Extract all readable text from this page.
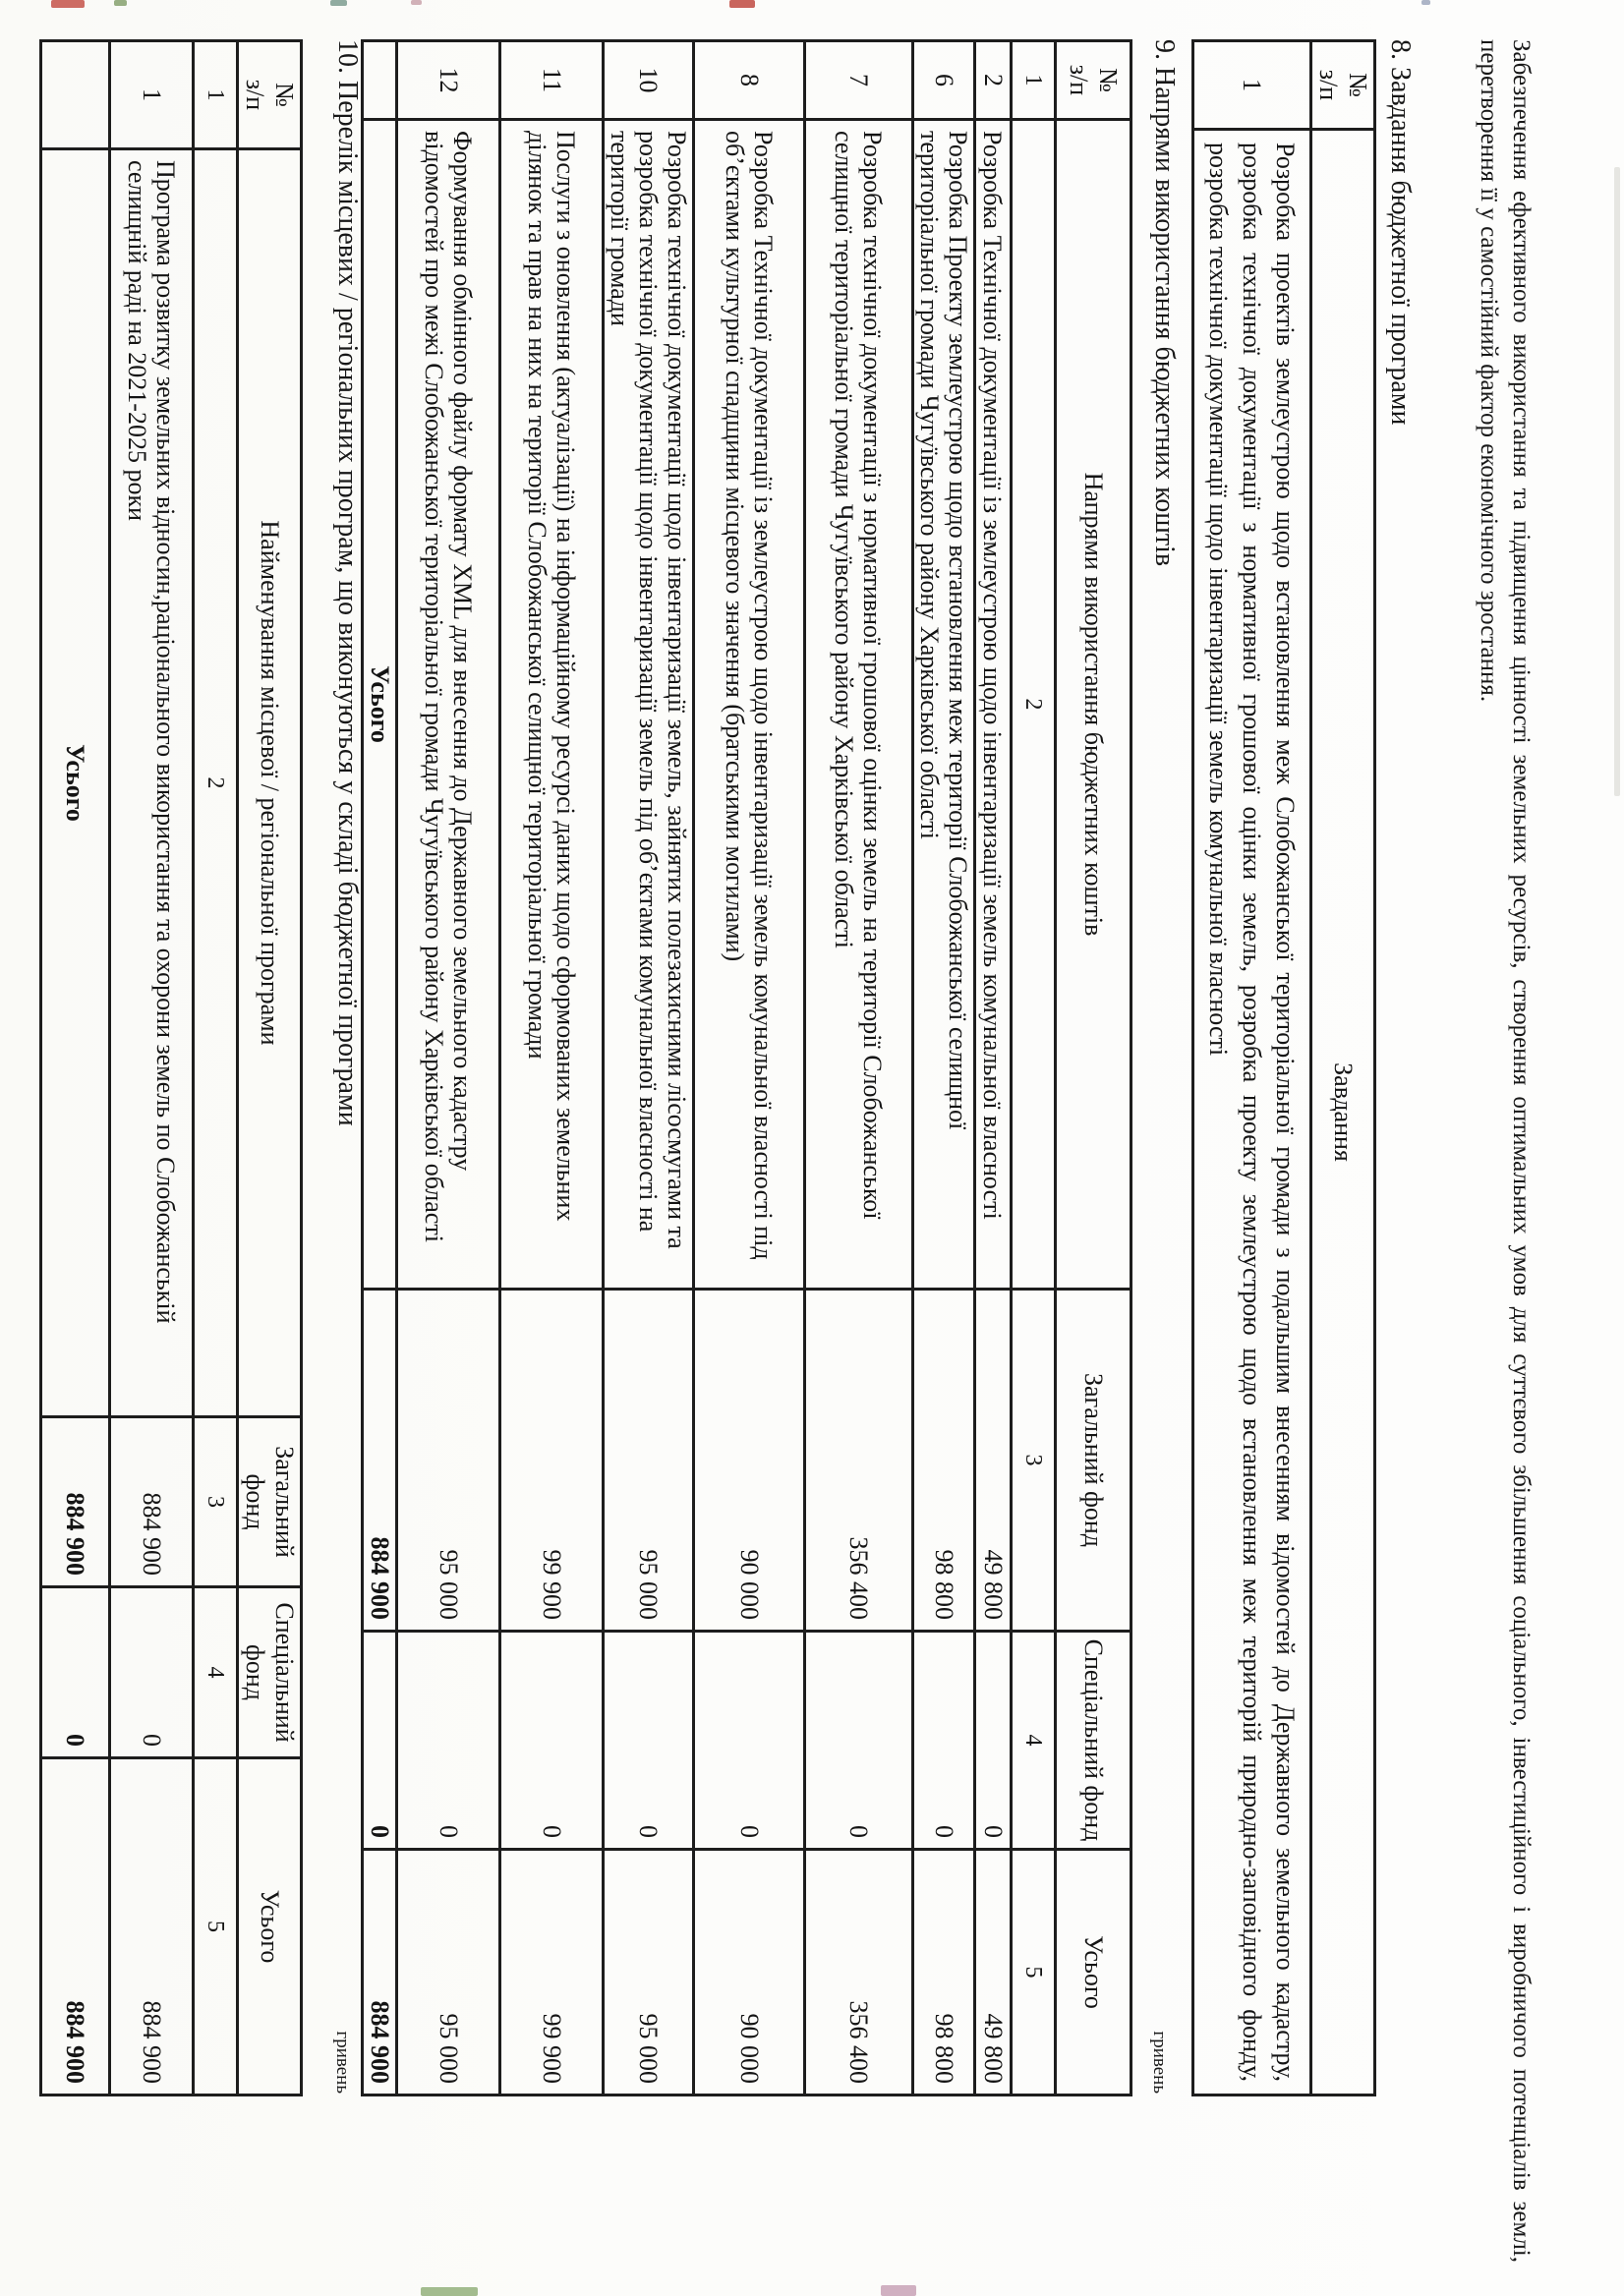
Забезпечення ефективного використання та підвищення цінності земельних ресурсів, створення оптимальних умов для суттєвого збільшення соціального, інвестиційного і виробничого потенціалів землі, перетворення її у самостійний фактор економічного зростання.
8. Завдання бюджетної програми
№
з/п	Завдання
1	Розробка проектів землеустрою щодо встановлення меж Слобожанської територіальної громади з подальшим внесенням відомостей до Державного земельного кадастру, розробка технічної документації з нормативної грошової оцінки земель, розробка проекту землеустрою щодо встановлення меж територій природно-заповідного фонду, розробка технічної документації щодо інвентаризації земель комунальної власності
9. Напрями використання бюджетних коштів
гривень
№
з/п	Напрями використання бюджетних коштів	Загальний фонд	Спеціальний фонд	Усього
1	2	3	4	5
2	Розробка Технічної документації із землеустрою щодо інвентаризації земель комунальної власності	49 800	0	49 800
6	Розробка Проекту землеустрою щодо встановлення меж території Слобожанської селищної територіальної громади Чугуївського району Харківської області	98 800	0	98 800
7	Розробка технічної документації з нормативної грошової оцінки земель на території Слобожанської селищної територіальної громади Чугуївського району Харківської області	356 400	0	356 400
8	Розробка Технічної документації із землеустрою щодо інвентаризації земель комунальної власності під об’єктами культурної спадщини місцевого значення (братськими могилами)	90 000	0	90 000
10	Розробка технічної документації щодо інвентаризації земель, зайнятих полезахисними лісосмугами та розробка технічної документації щодо інвентаризації земель під об’єктами комунальної власності на території громади	95 000	0	95 000
11	Послуги з оновлення (актуалізації) на інформаційному ресурсі даних щодо сформованих земельних ділянок та прав на них на території Слобожанської селищної територіальної громади	99 900	0	99 900
12	Формування обмінного файлу формату XML для внесення до Державного земельного кадастру відомостей про межі Слобожанської територіальної громади Чугуївського району Харківської області	95 000	0	95 000
	Усього	884 900	0	884 900
10. Перелік місцевих / регіональних програм, що виконуються у складі бюджетної програми
гривень
№
з/п	Найменування місцевої / регіональної програми	Загальний фонд	Спеціальний фонд	Усього
1	2	3	4	5
1	Програма розвитку земельних відносин,раціонального використання та охорони земель по Слобожанській селищній раді на 2021-2025 роки	884 900	0	884 900
	Усього	884 900	0	884 900
